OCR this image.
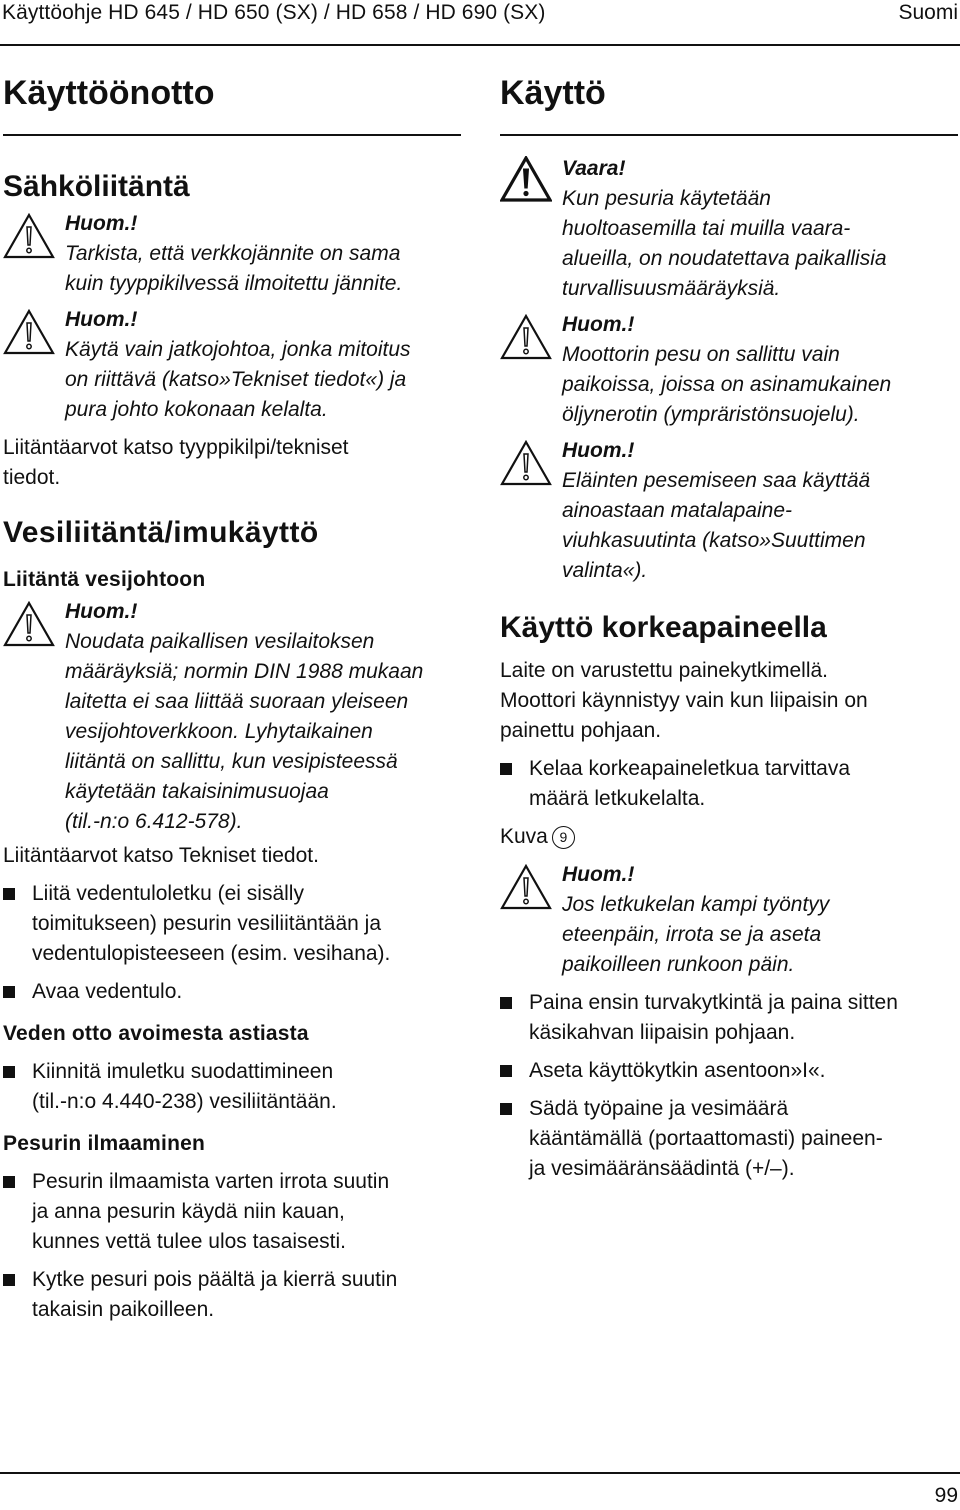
Käyttöohje HD 645 / HD 650 (SX) / HD 658 / HD 690 (SX)	Suomi
Käyttöönotto
Sähköliitäntä
Huom.!
Tarkista, että verkkojännite on sama
kuin tyyppikilvessä ilmoitettu jännite.
Huom.!
Käytä vain jatkojohtoa, jonka mitoitus
on riittävä (katso»Tekniset tiedot«) ja
pura johto kokonaan kelalta.
Liitäntäarvot katso tyyppikilpi/tekniset
tiedot.
Vesiliitäntä/imukäyttö
Liitäntä vesijohtoon
Huom.!
Noudata paikallisen vesilaitoksen
määräyksiä; normin DIN 1988 mukaan
laitetta ei saa liittää suoraan yleiseen
vesijohtoverkkoon. Lyhytaikainen
liitäntä on sallittu, kun vesipisteessä
käytetään takaisinimusuojaa
(til.-n:o 6.412-578).
Liitäntäarvot katso Tekniset tiedot.
Liitä vedentuloletku (ei sisälly
toimitukseen) pesurin vesiliitäntään ja
vedentulopisteeseen (esim. vesihana).
Avaa vedentulo.
Veden otto avoimesta astiasta
Kiinnitä imuletku suodattimineen
(til.-n:o 4.440-238) vesiliitäntään.
Pesurin ilmaaminen
Pesurin ilmaamista varten irrota suutin
ja anna pesurin käydä niin kauan,
kunnes vettä tulee ulos tasaisesti.
Kytke pesuri pois päältä ja kierrä suutin
takaisin paikoilleen.
Käyttö
Vaara!
Kun pesuria käytetään
huoltoasemilla tai muilla vaara-
alueilla, on noudatettava paikallisia
turvallisuusmääräyksiä.
Huom.!
Moottorin pesu on sallittu vain
paikoissa, joissa on asinamukainen
öljynerotin (ympräristönsuojelu).
Huom.!
Eläinten pesemiseen saa käyttää
ainoastaan matalapaine-
viuhkasuutinta (katso»Suuttimen
valinta«).
Käyttö korkeapaineella
Laite on varustettu painekytkimellä.
Moottori käynnistyy vain kun liipaisin on
painettu pohjaan.
Kelaa korkeapaineletkua tarvittava
määrä letkukelalta.
Kuva 9
Huom.!
Jos letkukelan kampi työntyy
eteenpäin, irrota se ja aseta
paikoilleen runkoon päin.
Paina ensin turvakytkintä ja paina sitten
käsikahvan liipaisin pohjaan.
Aseta käyttökytkin asentoon»I«.
Sädä työpaine ja vesimäärä
kääntämällä (portaattomasti) paineen-
ja vesimääränsäädintä (+/–).
99
